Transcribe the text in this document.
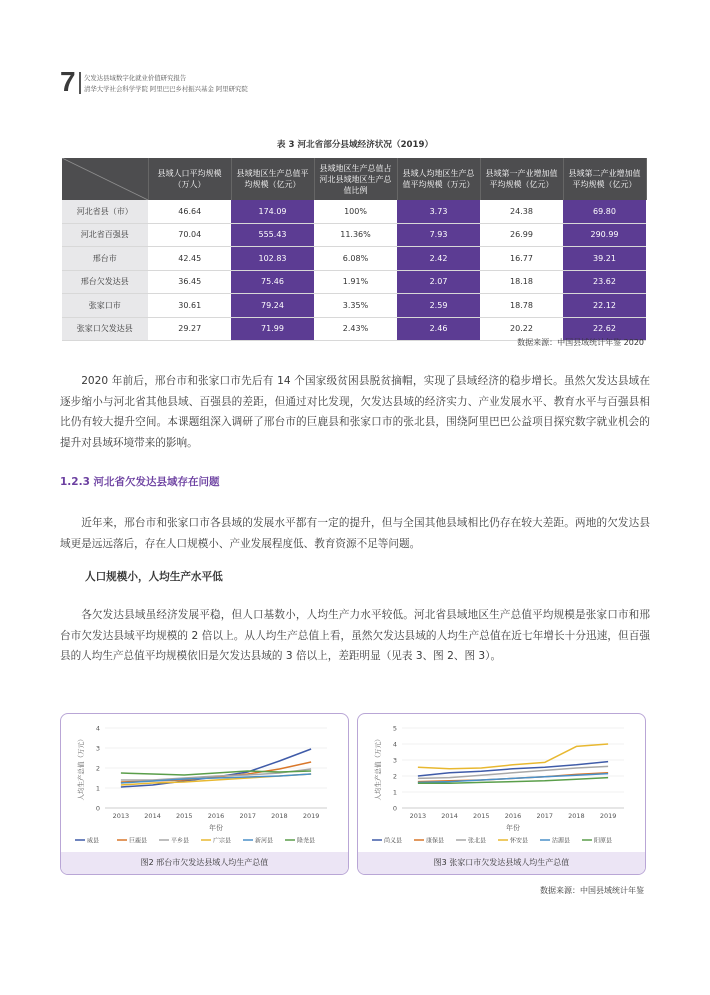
7 欠发达县域数字化就业价值研究报告
清华大学社会科学学院 阿里巴巴乡村振兴基金 阿里研究院
表 3 河北省部分县域经济状况（2019）
	县域人口平均规模（万人）	县域地区生产总值平均规模（亿元）	县域地区生产总值占河北县域地区生产总值比例	县域人均地区生产总值平均规模（万元）	县域第一产业增加值平均规模（亿元）	县域第二产业增加值平均规模（亿元）
河北省县（市）	46.64	174.09	100%	3.73	24.38	69.80
河北省百强县	70.04	555.43	11.36%	7.93	26.99	290.99
邢台市	42.45	102.83	6.08%	2.42	16.77	39.21
邢台欠发达县	36.45	75.46	1.91%	2.07	18.18	23.62
张家口市	30.61	79.24	3.35%	2.59	18.78	22.12
张家口欠发达县	29.27	71.99	2.43%	2.46	20.22	22.62
数据来源：中国县域统计年鉴 2020

2020 年前后，邢台市和张家口市先后有 14 个国家级贫困县脱贫摘帽，实现了县域经济的稳步增长。虽然欠发达县域在逐步缩小与河北省其他县域、百强县的差距，但通过对比发现，欠发达县域的经济实力、产业发展水平、教育水平与百强县相比仍有较大提升空间。本课题组深入调研了邢台市的巨鹿县和张家口市的张北县，围绕阿里巴巴公益项目探究数字就业机会的提升对县域环境带来的影响。

1.2.3 河北省欠发达县域存在问题

近年来，邢台市和张家口市各县域的发展水平都有一定的提升，但与全国其他县域相比仍存在较大差距。两地的欠发达县域更是远远落后，存在人口规模小、产业发展程度低、教育资源不足等问题。

人口规模小，人均生产水平低

各欠发达县域虽经济发展平稳，但人口基数小，人均生产力水平较低。河北省县域地区生产总值平均规模是张家口市和邢台市欠发达县域平均规模的 2 倍以上。从人均生产总值上看，虽然欠发达县域的人均生产总值在近七年增长十分迅速，但百强县的人均生产总值平均规模依旧是欠发达县域的 3 倍以上，差距明显（见表 3、图 2、图 3）。

0
1
2
3
4
2013 2014 2015 2016 2017 2018 2019
年份
人均生产总值（万元）
威县	巨鹿县	平乡县	广宗县	新河县	隆尧县
图2 邢台市欠发达县域人均生产总值
0
1
2
3
4
5
2013 2014 2015 2016 2017 2018 2019
年份
人均生产总值（万元）
尚义县	康保县	张北县	怀安县	沽源县	阳原县
图3 张家口市欠发达县域人均生产总值
数据来源：中国县域统计年鉴
